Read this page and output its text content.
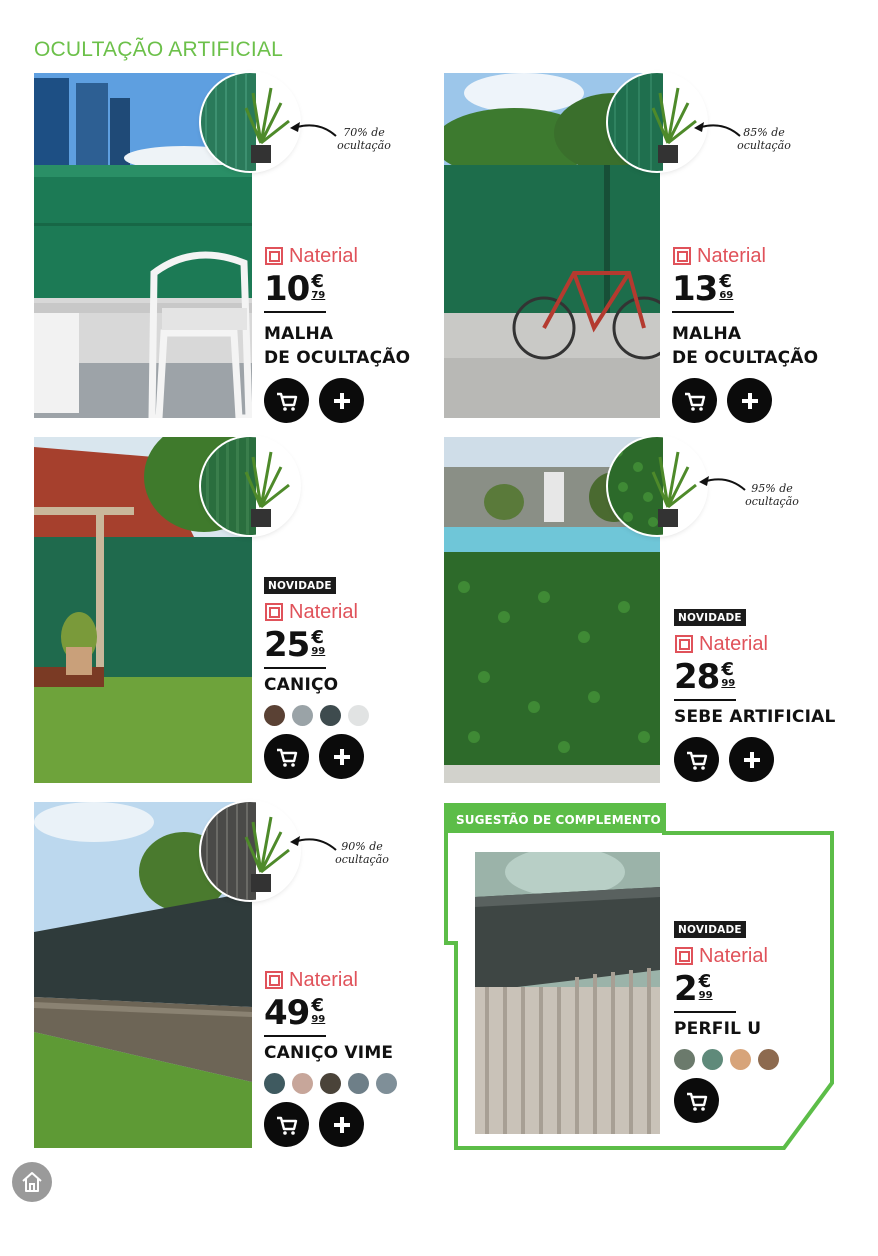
OCULTAÇÃO ARTIFICIAL
70% de
ocultação
Naterial
10 €
79
MALHA
DE OCULTAÇÃO
85% de
ocultação
Naterial
13 €
69
MALHA
DE OCULTAÇÃO
NOVIDADE
Naterial
25 €
99
CANIÇO
95% de
ocultação
NOVIDADE
Naterial
28 €
99
SEBE ARTIFICIAL
90% de
ocultação
Naterial
49 €
99
CANIÇO VIME
SUGESTÃO DE COMPLEMENTO
NOVIDADE
Naterial
2 €
99
PERFIL U
